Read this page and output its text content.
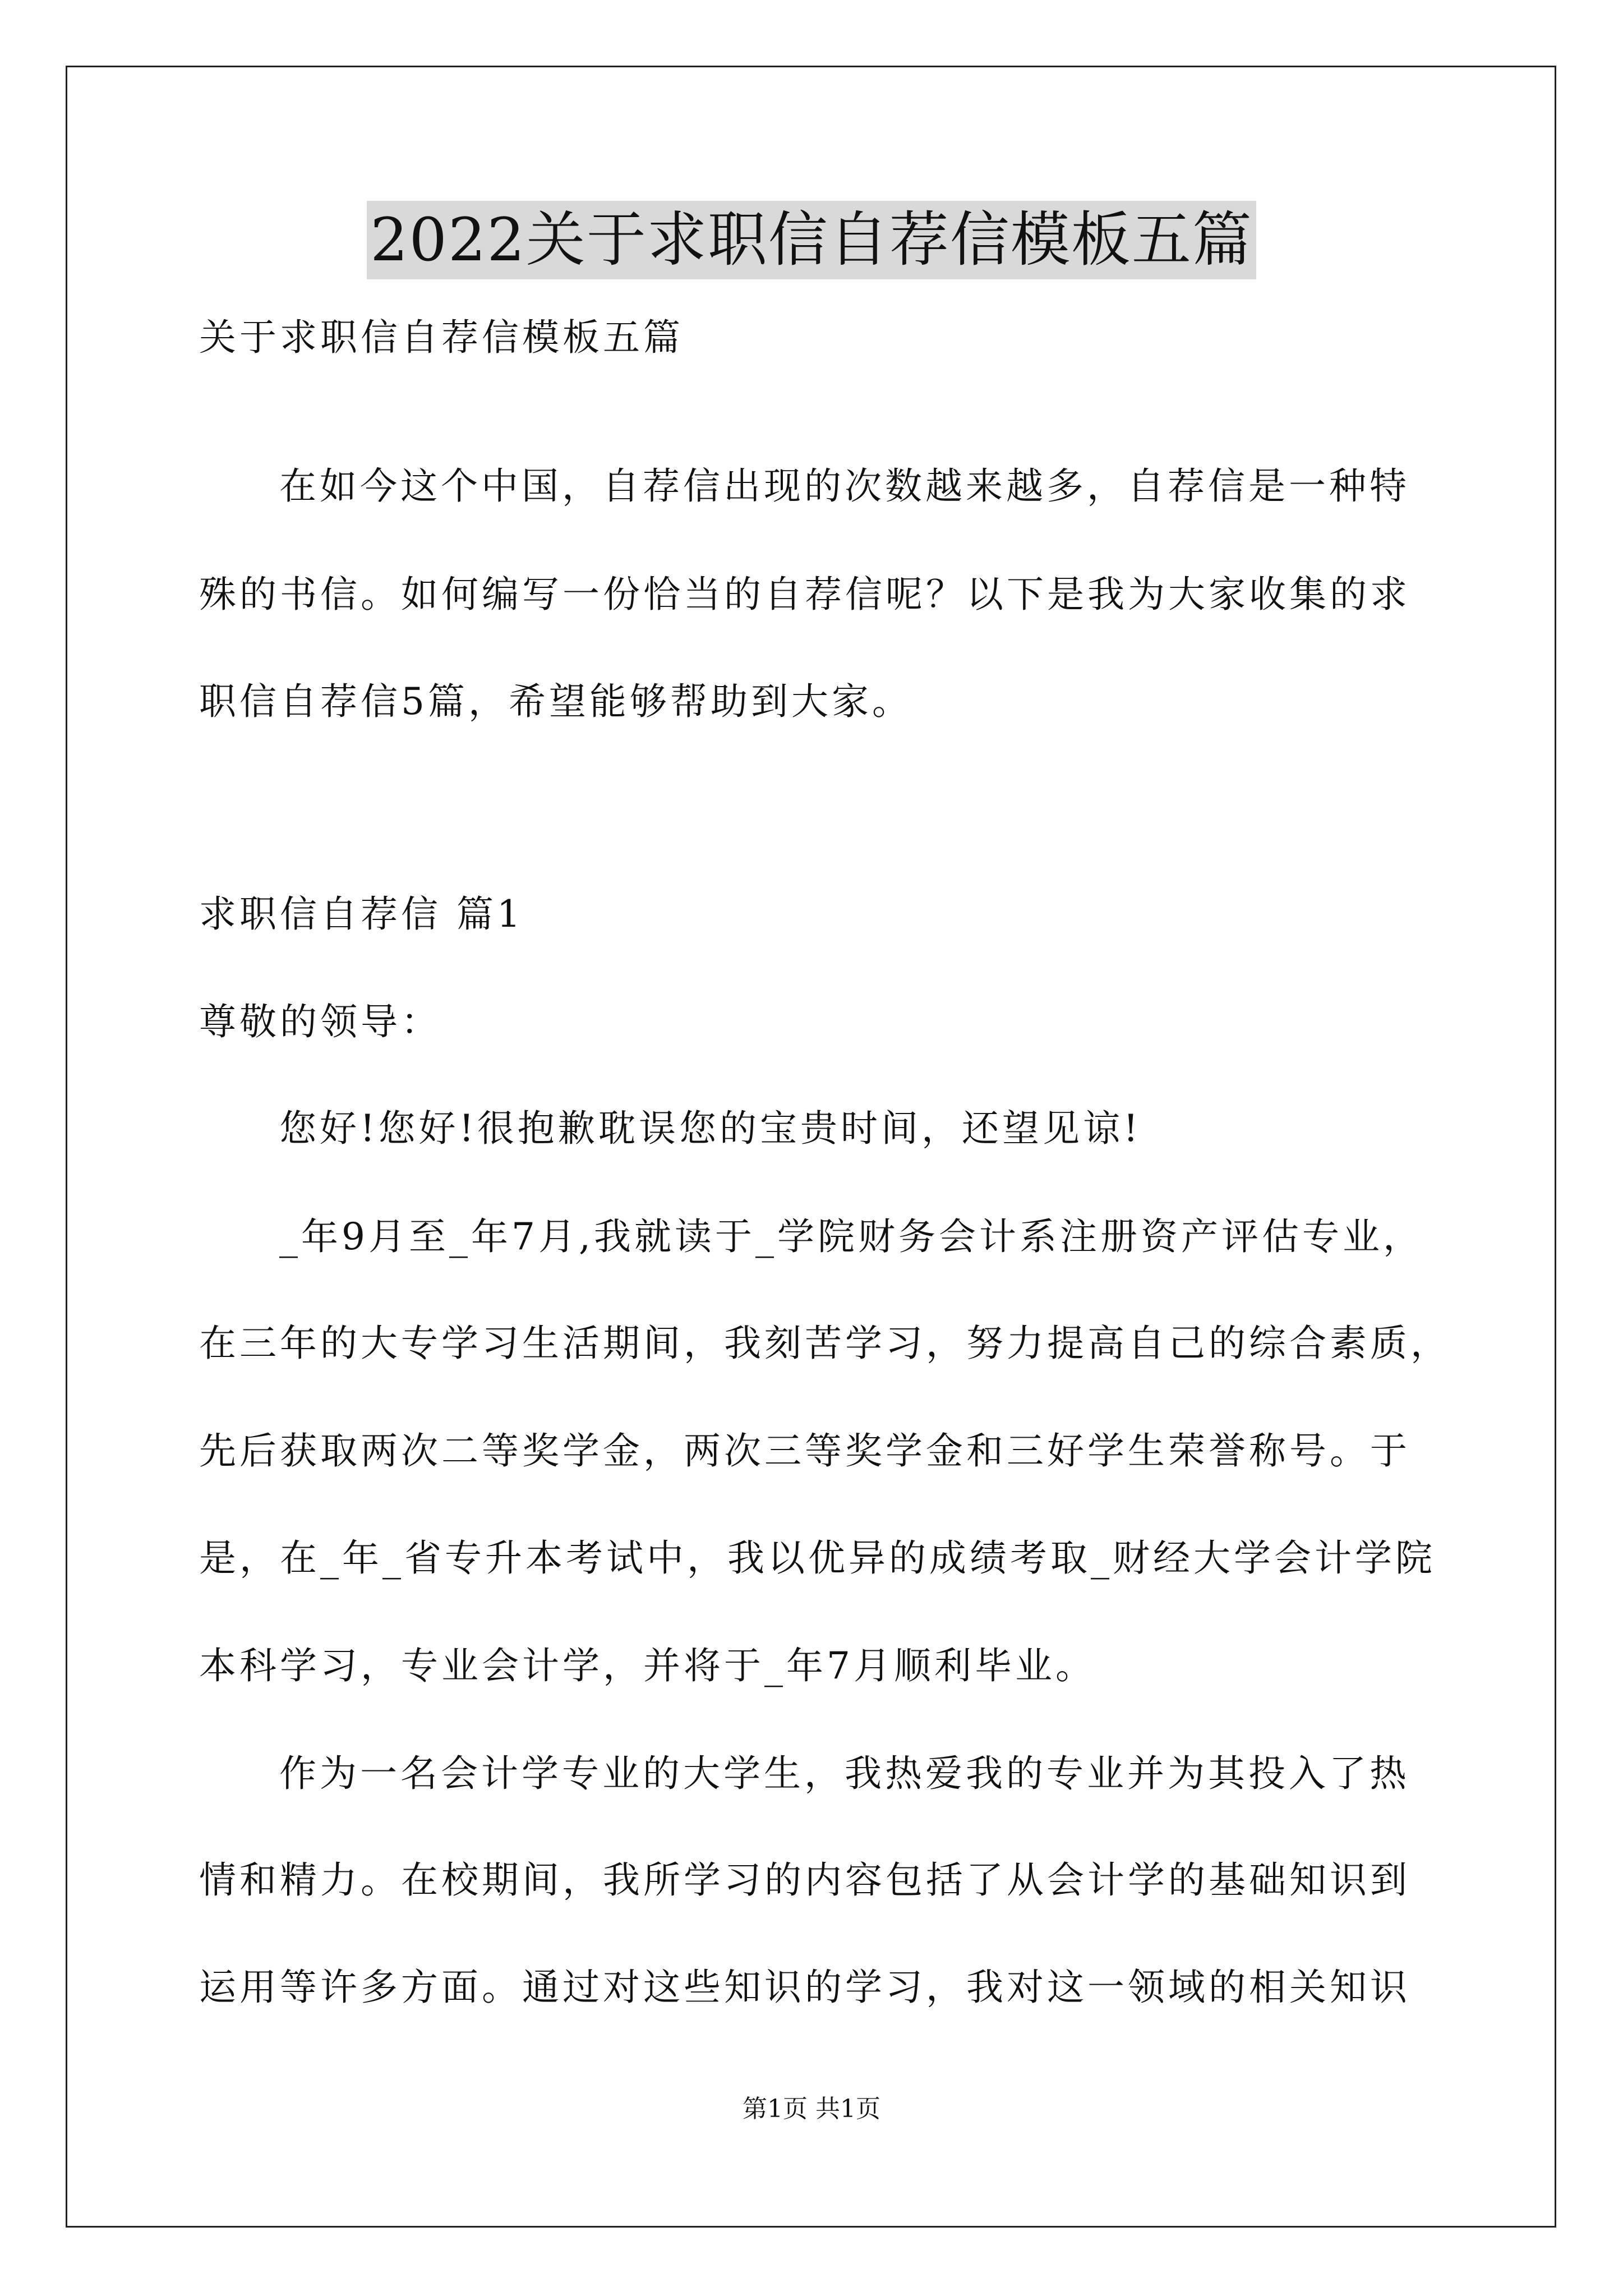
2022关于求职信自荐信模板五篇
关于求职信自荐信模板五篇
在如今这个中国，自荐信出现的次数越来越多，自荐信是一种特
殊的书信。如何编写一份恰当的自荐信呢？以下是我为大家收集的求
职信自荐信5篇，希望能够帮助到大家。
求职信自荐信 篇1
尊敬的领导：
您好!您好!很抱歉耽误您的宝贵时间，还望见谅!
_年9月至_年7月,我就读于_学院财务会计系注册资产评估专业，
在三年的大专学习生活期间，我刻苦学习，努力提高自己的综合素质，
先后获取两次二等奖学金，两次三等奖学金和三好学生荣誉称号。于
是，在_年_省专升本考试中，我以优异的成绩考取_财经大学会计学院
本科学习，专业会计学，并将于_年7月顺利毕业。
作为一名会计学专业的大学生，我热爱我的专业并为其投入了热
情和精力。在校期间，我所学习的内容包括了从会计学的基础知识到
运用等许多方面。通过对这些知识的学习，我对这一领域的相关知识
第1页 共1页
